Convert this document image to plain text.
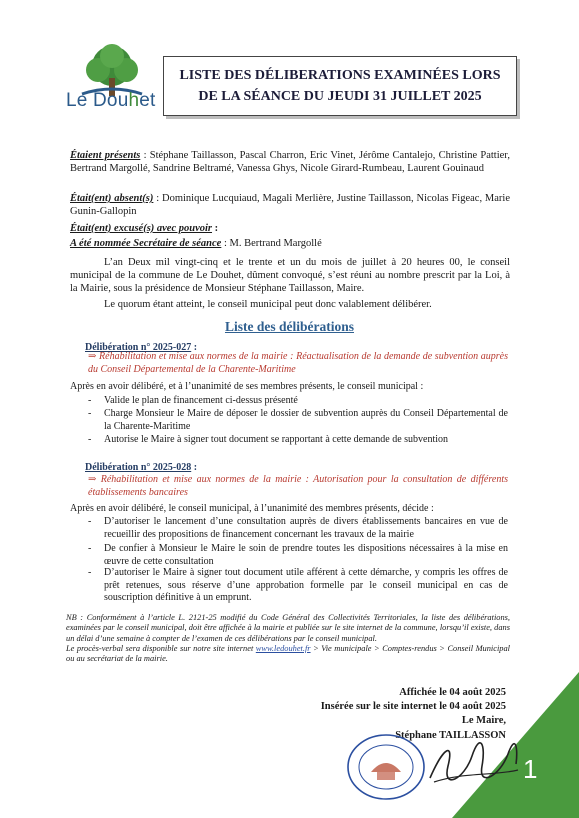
Le Douhet
LISTE DES DÉLIBERATIONS EXAMINÉES LORS
DE LA SÉANCE DU JEUDI 31 JUILLET 2025
Étaient présents : Stéphane Taillasson, Pascal Charron, Eric Vinet, Jérôme Cantalejo, Christine Pattier, Bertrand Margollé, Sandrine Beltramé, Vanessa Ghys, Nicole Girard-Rumbeau, Laurent Gouinaud
Était(ent) absent(s) : Dominique Lucquiaud, Magali Merlière, Justine Taillasson, Nicolas Figeac, Marie Gunin-Gallopin
Était(ent) excusé(s) avec pouvoir :
A été nommée Secrétaire de séance : M. Bertrand Margollé
L’an Deux mil vingt-cinq et le trente et un du mois de juillet à 20 heures 00, le conseil municipal de la commune de Le Douhet, dûment convoqué, s’est réuni au nombre prescrit par la Loi, à la Mairie, sous la présidence de Monsieur Stéphane Taillasson, Maire.
Le quorum étant atteint, le conseil municipal peut donc valablement délibérer.
Liste des délibérations
Délibération n° 2025-027 :
⇒ Réhabilitation et mise aux normes de la mairie : Réactualisation de la demande de subvention auprès du Conseil Départemental de la Charente-Maritime
Après en avoir délibéré, et à l’unanimité de ses membres présents, le conseil municipal :
- Valide le plan de financement ci-dessus présenté
- Charge Monsieur le Maire de déposer le dossier de subvention auprès du Conseil Départemental de la Charente-Maritime
- Autorise le Maire à signer tout document se rapportant à cette demande de subvention
Délibération n° 2025-028 :
⇒ Réhabilitation et mise aux normes de la mairie : Autorisation pour la consultation de différents établissements bancaires
Après en avoir délibéré, le conseil municipal, à l’unanimité des membres présents, décide :
- D’autoriser le lancement d’une consultation auprès de divers établissements bancaires en vue de recueillir des propositions de financement concernant les travaux de la mairie
- De confier à Monsieur le Maire le soin de prendre toutes les dispositions nécessaires à la mise en œuvre de cette consultation
- D’autoriser le Maire à signer tout document utile afférent à cette démarche, y compris les offres de prêt retenues, sous réserve d’une approbation formelle par le conseil municipal en cas de souscription définitive à un emprunt.
NB : Conformément à l’article L. 2121-25 modifié du Code Général des Collectivités Territoriales, la liste des délibérations, examinées par le conseil municipal, doit être affichée à la mairie et publiée sur le site internet de la commune, lorsqu’il existe, dans un délai d’une semaine à compter de l’examen de ces délibérations par le conseil municipal.
Le procès-verbal sera disponible sur notre site internet www.ledouhet.fr > Vie municipale > Comptes-rendus > Conseil Municipal ou au secrétariat de la mairie.
1
Affichée le 04 août 2025
Insérée sur le site internet le 04 août 2025
Le Maire,
Stéphane TAILLASSON
